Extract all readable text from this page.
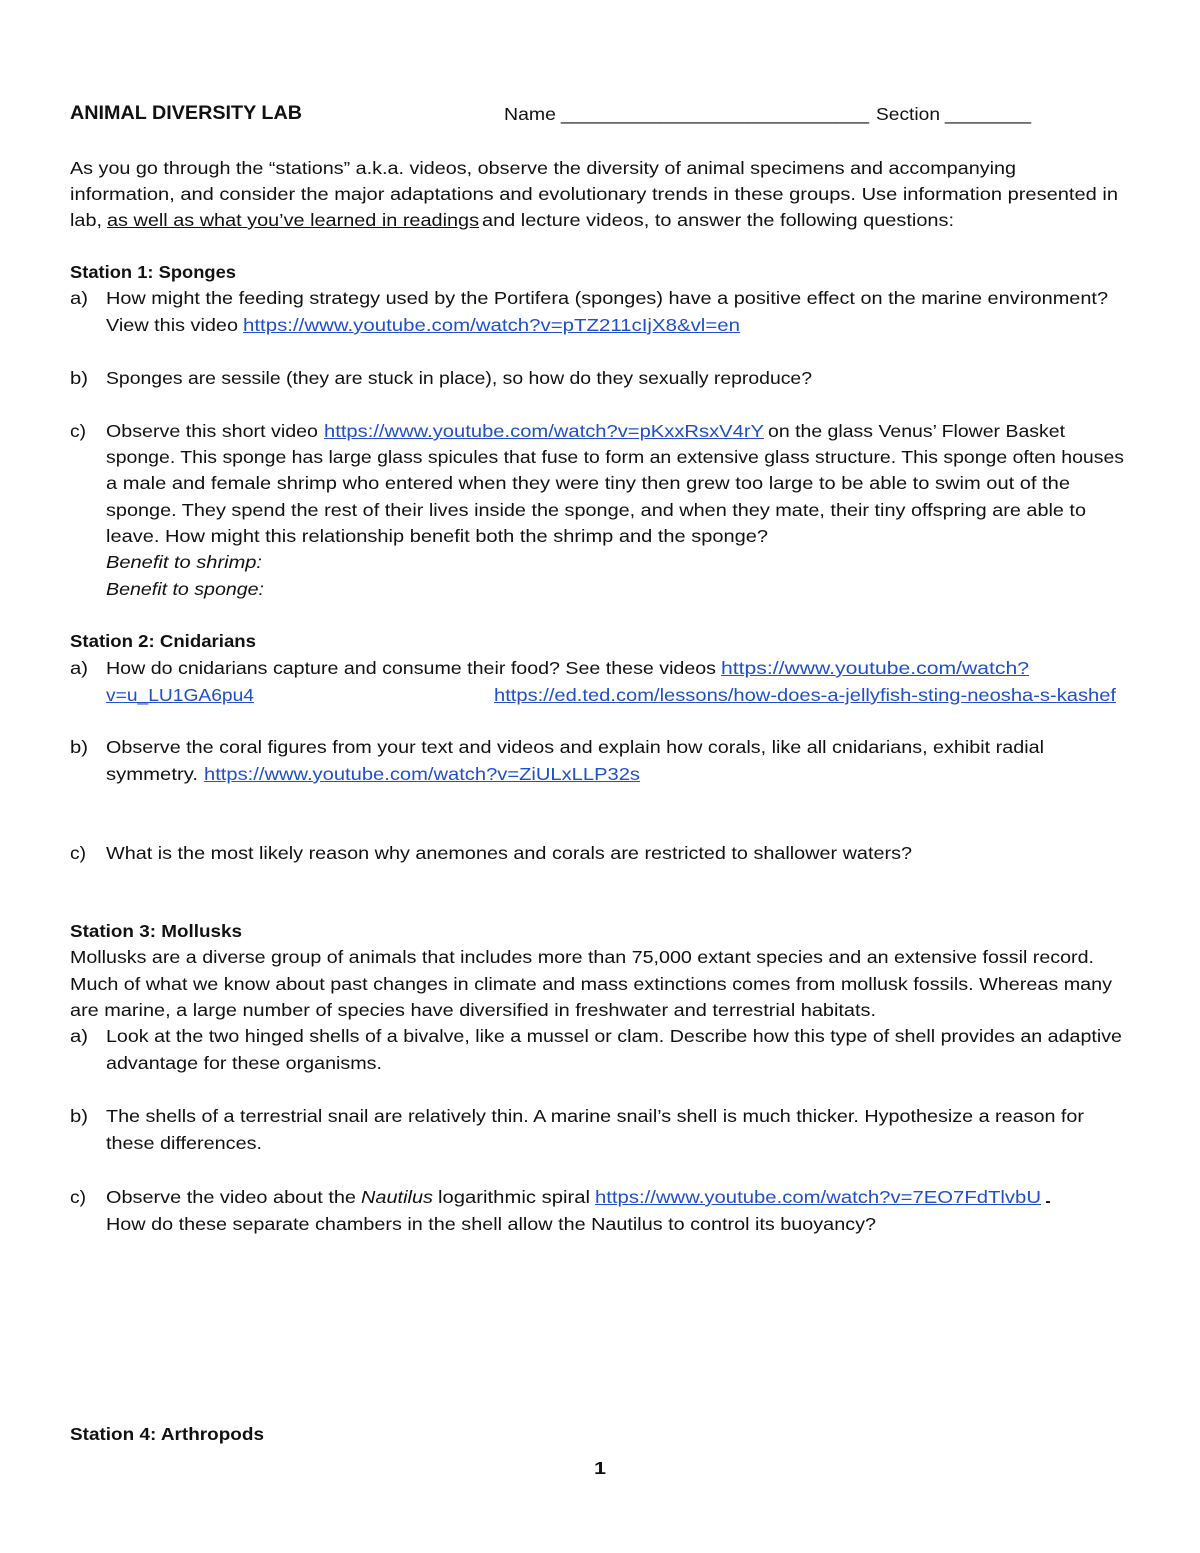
ANIMAL DIVERSITY LAB	Name ____________________________ Section _______
As you go through the “stations” a.k.a. videos, observe the diversity of animal specimens and accompanying
information, and consider the major adaptations and evolutionary trends in these groups. Use information presented in
lab, as well as what you’ve learned in readings and lecture videos, to answer the following questions:
Station 1: Sponges
a) How might the feeding strategy used by the Portifera (sponges) have a positive effect on the marine environment?
View this video https://www.youtube.com/watch?v=pTZ211cIjX8&vl=en
b) Sponges are sessile (they are stuck in place), so how do they sexually reproduce?
c) Observe this short video https://www.youtube.com/watch?v=pKxxRsxV4rY on the glass Venus’ Flower Basket
sponge. This sponge has large glass spicules that fuse to form an extensive glass structure. This sponge often houses
a male and female shrimp who entered when they were tiny then grew too large to be able to swim out of the
sponge. They spend the rest of their lives inside the sponge, and when they mate, their tiny offspring are able to
leave. How might this relationship benefit both the shrimp and the sponge?
Benefit to shrimp:
Benefit to sponge:
Station 2: Cnidarians
a) How do cnidarians capture and consume their food? See these videos https://www.youtube.com/watch?
v=u_LU1GA6pu4	https://ed.ted.com/lessons/how-does-a-jellyfish-sting-neosha-s-kashef
b) Observe the coral figures from your text and videos and explain how corals, like all cnidarians, exhibit radial
symmetry. https://www.youtube.com/watch?v=ZiULxLLP32s
c) What is the most likely reason why anemones and corals are restricted to shallower waters?
Station 3: Mollusks
Mollusks are a diverse group of animals that includes more than 75,000 extant species and an extensive fossil record.
Much of what we know about past changes in climate and mass extinctions comes from mollusk fossils. Whereas many
are marine, a large number of species have diversified in freshwater and terrestrial habitats.
a) Look at the two hinged shells of a bivalve, like a mussel or clam. Describe how this type of shell provides an adaptive
advantage for these organisms.
b) The shells of a terrestrial snail are relatively thin. A marine snail’s shell is much thicker. Hypothesize a reason for
these differences.
c) Observe the video about the Nautilus logarithmic spiral https://www.youtube.com/watch?v=7EO7FdTlvbU .
How do these separate chambers in the shell allow the Nautilus to control its buoyancy?
Station 4: Arthropods
1
